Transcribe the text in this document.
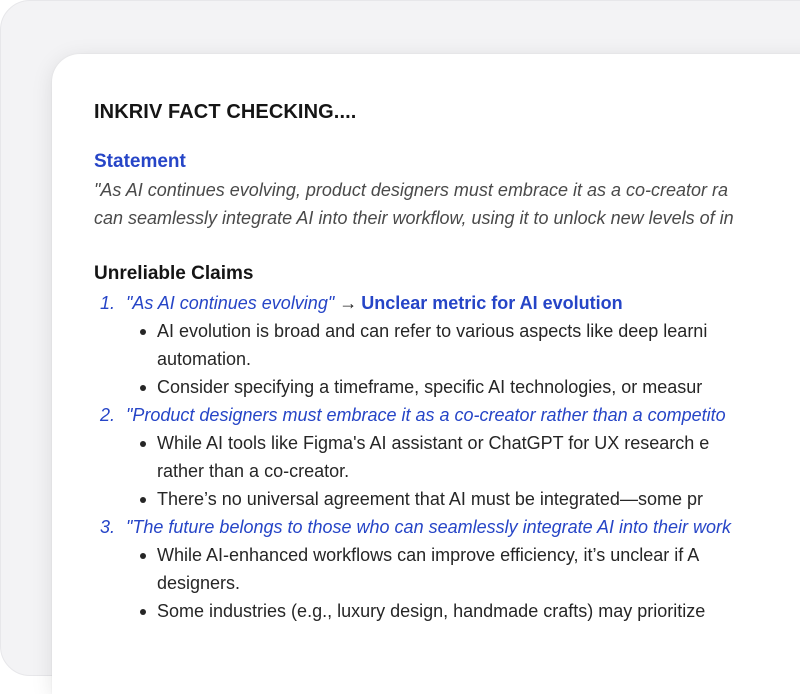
INKRIV FACT CHECKING....
Statement

"As AI continues evolving, product designers must embrace it as a co-creator ra
can seamlessly integrate AI into their workflow, using it to unlock new levels of in

Unreliable Claims
1. "As AI continues evolving" → Unclear metric for AI evolution
AI evolution is broad and can refer to various aspects like deep learni
automation.
Consider specifying a timeframe, specific AI technologies, or measur
2. "Product designers must embrace it as a co-creator rather than a competito
While AI tools like Figma's AI assistant or ChatGPT for UX research e
rather than a co-creator.
There’s no universal agreement that AI must be integrated—some pr
3. "The future belongs to those who can seamlessly integrate AI into their work
While AI-enhanced workflows can improve efficiency, it’s unclear if A
designers.
Some industries (e.g., luxury design, handmade crafts) may prioritize
